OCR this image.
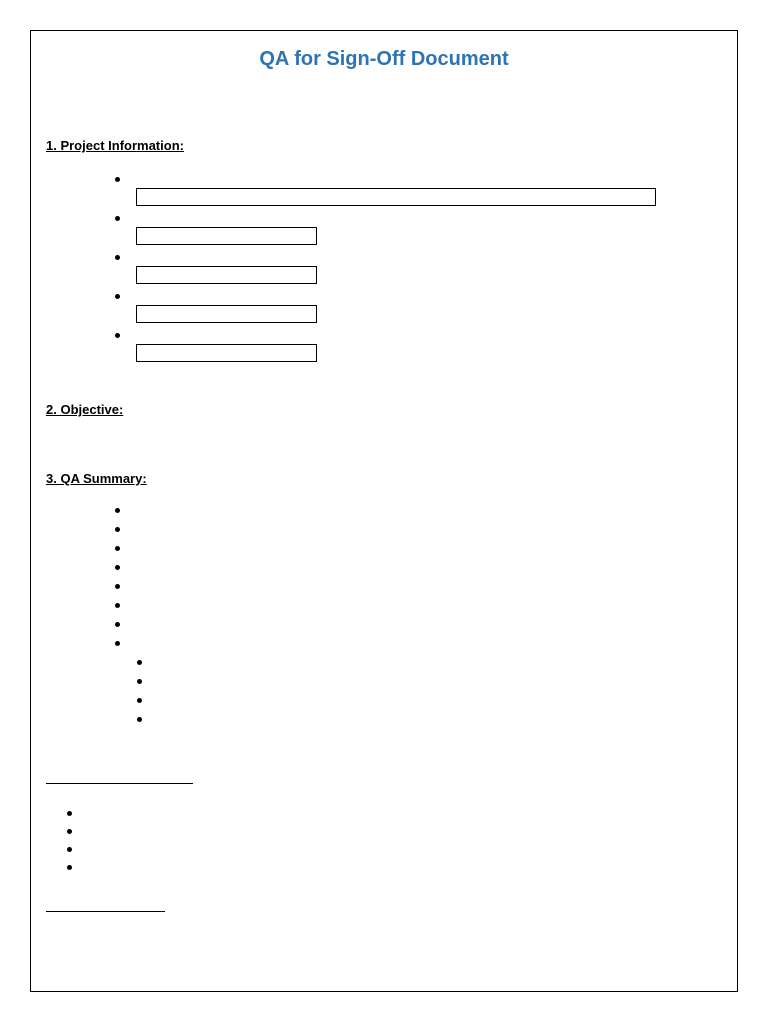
QA for Sign-Off Document
1. Project Information:
2. Objective:
3. QA Summary:
